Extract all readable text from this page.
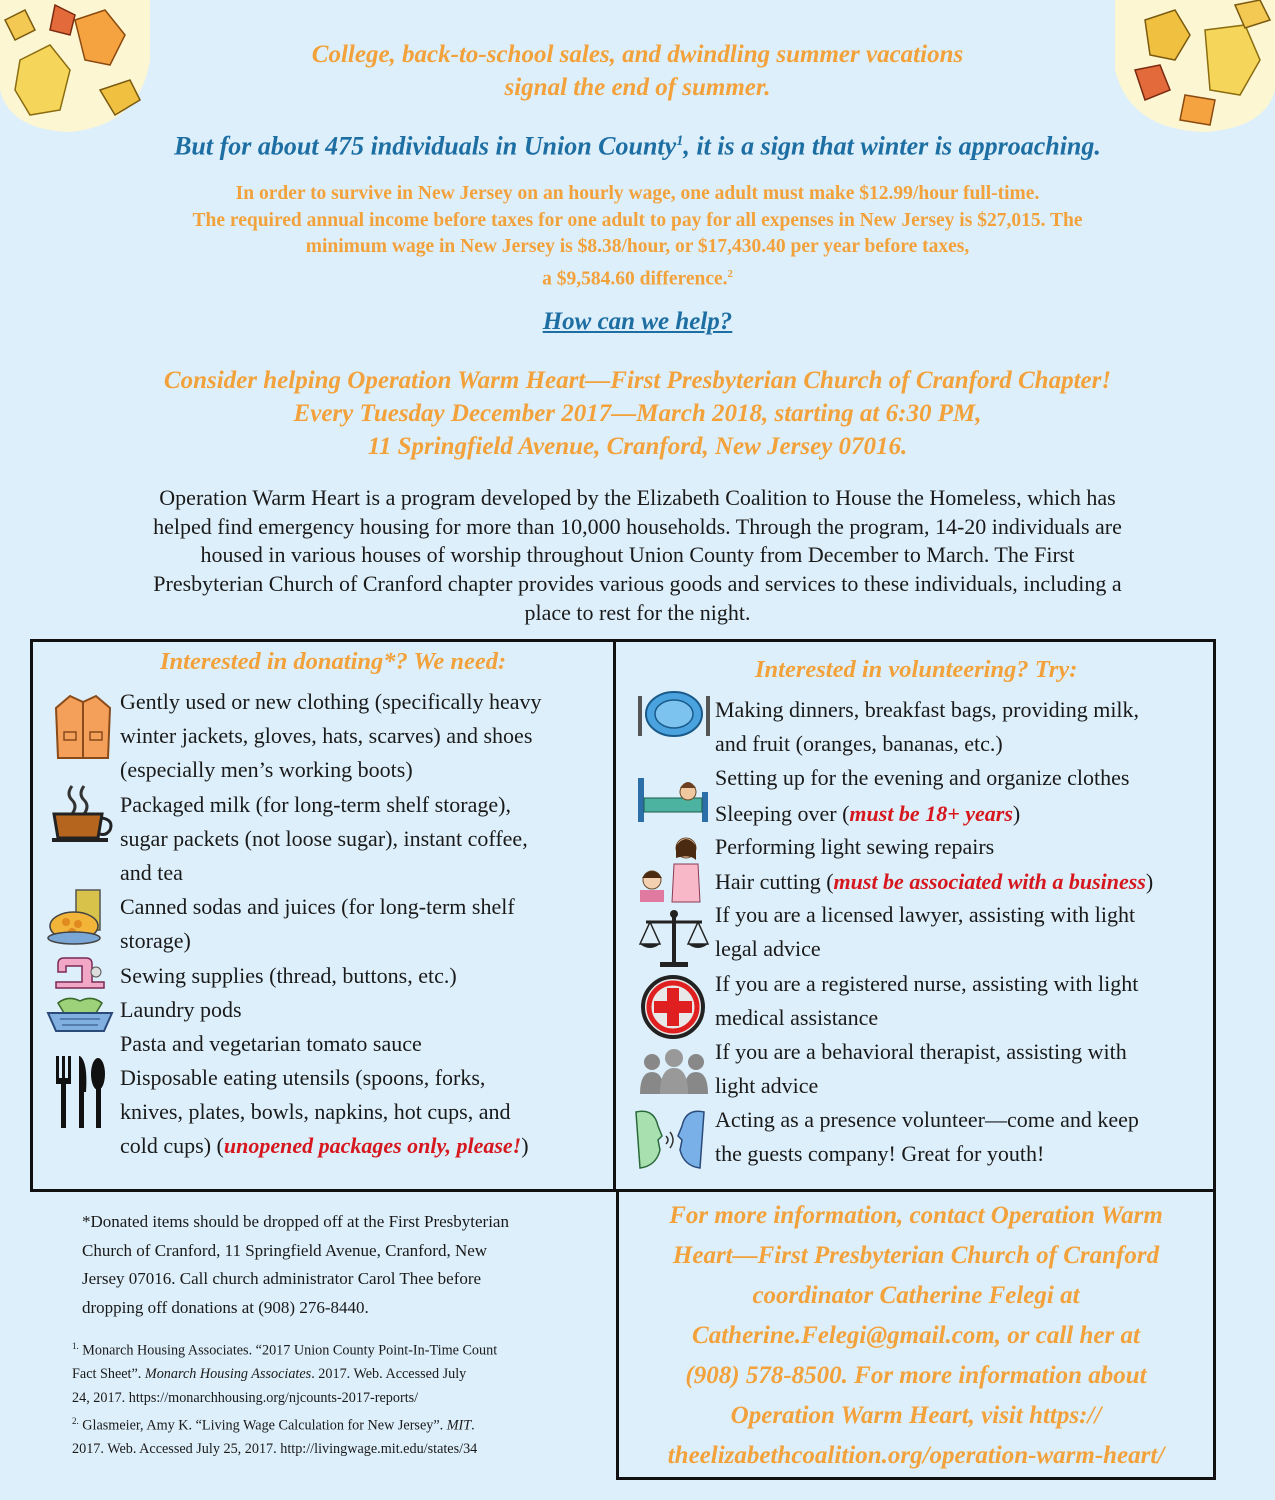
College, back-to-school sales, and dwindling summer vacations
signal the end of summer.
But for about 475 individuals in Union County$^1$, it is a sign that winter is approaching.
In order to survive in New Jersey on an hourly wage, one adult must make $12.99/hour full-time.
The required annual income before taxes for one adult to pay for all expenses in New Jersey is $27,015. The
minimum wage in New Jersey is $8.38/hour, or $17,430.40 per year before taxes,
a $9,584.60 difference.$^2$
How can we help?
Consider helping Operation Warm Heart—First Presbyterian Church of Cranford Chapter!
Every Tuesday December 2017—March 2018, starting at 6:30 PM,
11 Springfield Avenue, Cranford, New Jersey 07016.
Operation Warm Heart is a program developed by the Elizabeth Coalition to House the Homeless, which has
helped find emergency housing for more than 10,000 households. Through the program, 14-20 individuals are
housed in various houses of worship throughout Union County from December to March. The First
Presbyterian Church of Cranford chapter provides various goods and services to these individuals, including a
place to rest for the night.
Interested in donating*? We need:
Gently used or new clothing (specifically heavy
winter jackets, gloves, hats, scarves) and shoes
(especially men’s working boots)
Packaged milk (for long-term shelf storage),
sugar packets (not loose sugar), instant coffee,
and tea
Canned sodas and juices (for long-term shelf
storage)
Sewing supplies (thread, buttons, etc.)
Laundry pods
Pasta and vegetarian tomato sauce
Disposable eating utensils (spoons, forks,
knives, plates, bowls, napkins, hot cups, and
cold cups) (unopened packages only, please!)
Interested in volunteering? Try:
Making dinners, breakfast bags, providing milk,
and fruit (oranges, bananas, etc.)
Setting up for the evening and organize clothes
Sleeping over (must be 18+ years)
Performing light sewing repairs
Hair cutting (must be associated with a business)
If you are a licensed lawyer, assisting with light
legal advice
If you are a registered nurse, assisting with light
medical assistance
If you are a behavioral therapist, assisting with
light advice
Acting as a presence volunteer—come and keep
the guests company! Great for youth!
*Donated items should be dropped off at the First Presbyterian
Church of Cranford, 11 Springfield Avenue, Cranford, New
Jersey 07016. Call church administrator Carol Thee before
dropping off donations at (908) 276-8440.
$^{1.}$ Monarch Housing Associates. “2017 Union County Point-In-Time Count
Fact Sheet”. Monarch Housing Associates. 2017. Web. Accessed July
24, 2017. https://monarchhousing.org/njcounts-2017-reports/
$^{2.}$ Glasmeier, Amy K. “Living Wage Calculation for New Jersey”. MIT.
2017. Web. Accessed July 25, 2017. http://livingwage.mit.edu/states/34
For more information, contact Operation Warm
Heart—First Presbyterian Church of Cranford
coordinator Catherine Felegi at
Catherine.Felegi@gmail.com, or call her at
(908) 578-8500. For more information about
Operation Warm Heart, visit https://
theelizabethcoalition.org/operation-warm-heart/
